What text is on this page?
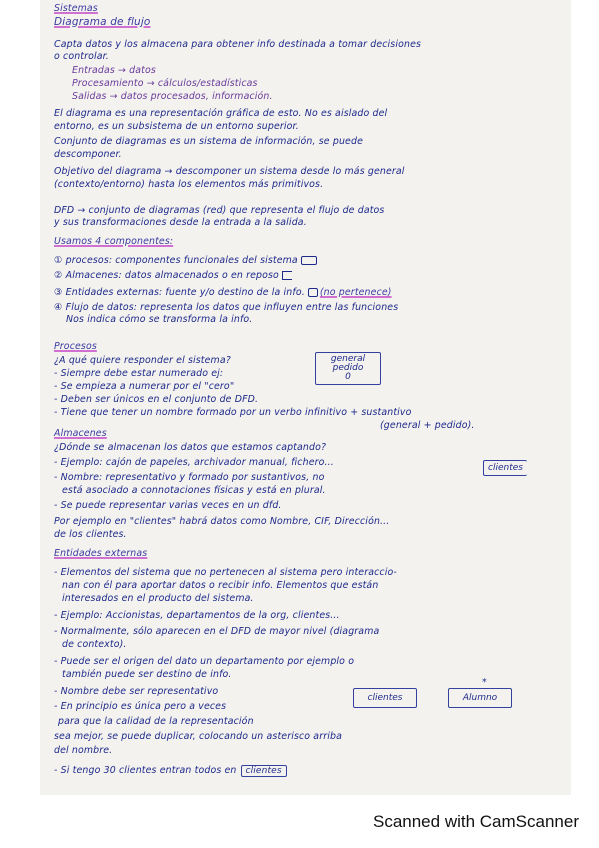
Sistemas
Diagrama de flujo
Capta datos y los almacena para obtener info destinada a tomar decisiones
o controlar.
Entradas → datos
Procesamiento → cálculos/estadísticas
Salidas → datos procesados, información.
El diagrama es una representación gráfica de esto. No es aislado del
entorno, es un subsistema de un entorno superior.
Conjunto de diagramas es un sistema de información, se puede
descomponer.
Objetivo del diagrama → descomponer un sistema desde lo más general
(contexto/entorno) hasta los elementos más primitivos.
DFD → conjunto de diagramas (red) que representa el flujo de datos
y sus transformaciones desde la entrada a la salida.
Usamos 4 componentes:
① procesos: componentes funcionales del sistema
② Almacenes: datos almacenados o en reposo
③ Entidades externas: fuente y/o destino de la info. (no pertenece)
④ Flujo de datos: representa los datos que influyen entre las funciones
Nos indica cómo se transforma la info.
Procesos
¿A qué quiere responder el sistema?
- Siempre debe estar numerado ej:
- Se empieza a numerar por el "cero"
- Deben ser únicos en el conjunto de DFD.
- Tiene que tener un nombre formado por un verbo infinitivo + sustantivo
(general + pedido).
general
pedido
0
Almacenes
¿Dónde se almacenan los datos que estamos captando?
- Ejemplo: cajón de papeles, archivador manual, fichero...
- Nombre: representativo y formado por sustantivos, no
está asociado a connotaciones físicas y está en plural.
- Se puede representar varias veces en un dfd.
Por ejemplo en "clientes" habrá datos como Nombre, CIF, Dirección...
de los clientes.
clientes
Entidades externas
- Elementos del sistema que no pertenecen al sistema pero interaccio-
nan con él para aportar datos o recibir info. Elementos que están
interesados en el producto del sistema.
- Ejemplo: Accionistas, departamentos de la org, clientes...
- Normalmente, sólo aparecen en el DFD de mayor nivel (diagrama
de contexto).
- Puede ser el origen del dato un departamento por ejemplo o
también puede ser destino de info.
- Nombre debe ser representativo
- En principio es única pero a veces
para que la calidad de la representación
sea mejor, se puede duplicar, colocando un asterisco arriba
del nombre.
- Si tengo 30 clientes entran todos en clientes
clientes
*
Alumno
Scanned with CamScanner
